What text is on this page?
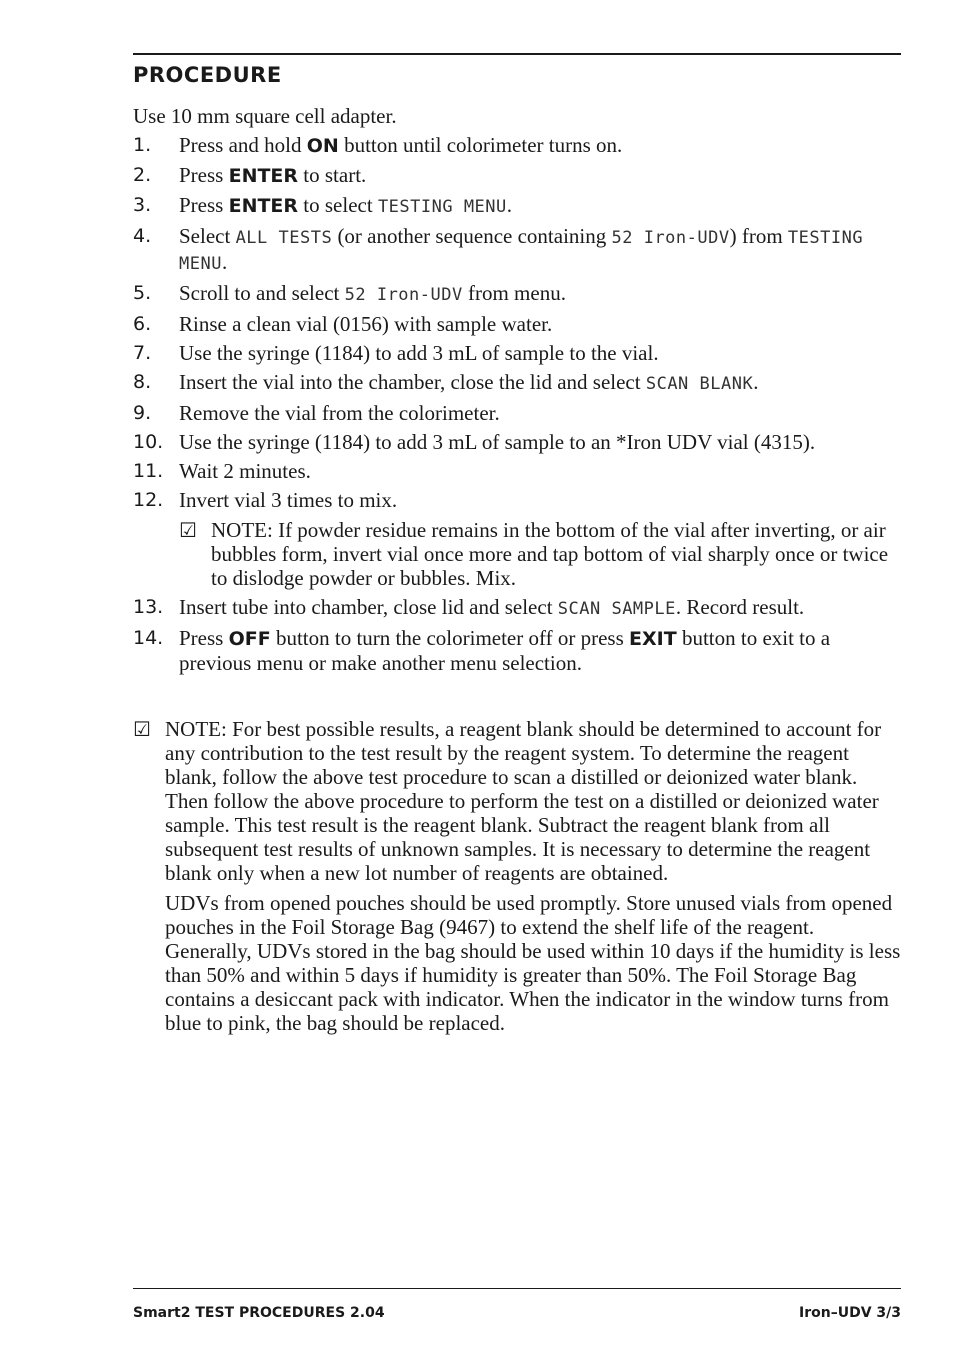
PROCEDURE

Use 10 mm square cell adapter.

1. Press and hold ON button until colorimeter turns on.
2. Press ENTER to start.
3. Press ENTER to select TESTING MENU.
4. Select ALL TESTS (or another sequence containing 52 Iron-UDV) from TESTING MENU.
5. Scroll to and select 52 Iron-UDV from menu.
6. Rinse a clean vial (0156) with sample water.
7. Use the syringe (1184) to add 3 mL of sample to the vial.
8. Insert the vial into the chamber, close the lid and select SCAN BLANK.
9. Remove the vial from the colorimeter.
10. Use the syringe (1184) to add 3 mL of sample to an *Iron UDV vial (4315).
11. Wait 2 minutes.
12. Invert vial 3 times to mix.
☑ NOTE: If powder residue remains in the bottom of the vial after inverting, or air bubbles form, invert vial once more and tap bottom of vial sharply once or twice to dislodge powder or bubbles. Mix.
13. Insert tube into chamber, close lid and select SCAN SAMPLE. Record result.
14. Press OFF button to turn the colorimeter off or press EXIT button to exit to a previous menu or make another menu selection.
☑ NOTE: For best possible results, a reagent blank should be determined to account for any contribution to the test result by the reagent system. To determine the reagent blank, follow the above test procedure to scan a distilled or deionized water blank. Then follow the above procedure to perform the test on a distilled or deionized water sample. This test result is the reagent blank. Subtract the reagent blank from all subsequent test results of unknown samples. It is necessary to determine the reagent blank only when a new lot number of reagents are obtained.

UDVs from opened pouches should be used promptly. Store unused vials from opened pouches in the Foil Storage Bag (9467) to extend the shelf life of the reagent. Generally, UDVs stored in the bag should be used within 10 days if the humidity is less than 50% and within 5 days if humidity is greater than 50%. The Foil Storage Bag contains a desiccant pack with indicator. When the indicator in the window turns from blue to pink, the bag should be replaced.

Smart2 TEST PROCEDURES 2.04	Iron–UDV 3/3
